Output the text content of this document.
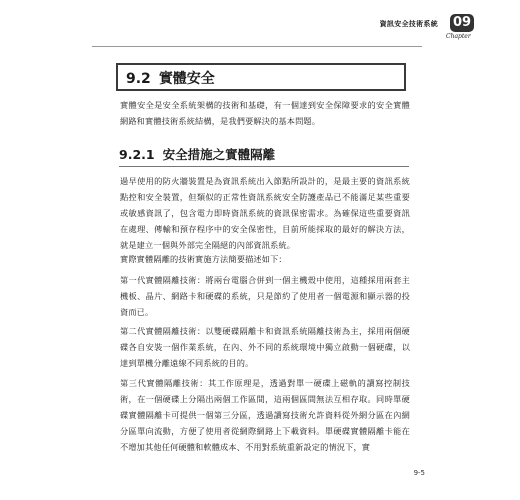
資訊安全技術系統 09
Chapter
9.2 實體安全

實體安全是安全系統架構的技術和基礎，有一個達到安全保障要求的安全實體網路和實體技術系統結構，是我們要解決的基本問題。

9.2.1 安全措施之實體隔離

過早使用的防火牆裝置是為資訊系統出入節點所設計的，是最主要的資訊系統點控和安全裝置，但類似的正常性資訊系統安全防護產品已不能滿足某些重要或敏感資訊了，包含電力即時資訊系統的資訊保密需求。為確保這些重要資訊在處理、傳輸和預存程序中的安全保密性，目前所能採取的最好的解決方法，就是建立一個與外部完全隔絕的內部資訊系統。

實際實體隔離的技術實施方法簡要描述如下：

第一代實體隔離技術：將兩台電腦合併到一個主機殼中使用，這種採用兩套主機板、晶片、網路卡和硬碟的系統，只是節約了使用者一個電源和顯示器的投資而已。

第二代實體隔離技術：以雙硬碟隔離卡和資訊系統隔離技術為主，採用兩個硬碟各自安裝一個作業系統，在內、外不同的系統環境中獨立啟動一個硬碟，以達到單機分離遠線不同系統的目的。

第三代實體隔離技術：其工作原理是，透過對單一硬碟上磁軌的讀寫控制技術，在一個硬碟上分隔出兩個工作區間，這兩個區間無法互相存取。同時單硬碟實體隔離卡可提供一個第三分區，透過讀寫技術允許資料從外網分區在內網分區單向流動，方便了使用者從網際網路上下載資料。單硬碟實體隔離卡能在不增加其他任何硬體和軟體成本、不用對系統重新設定的情況下，實

9-5
